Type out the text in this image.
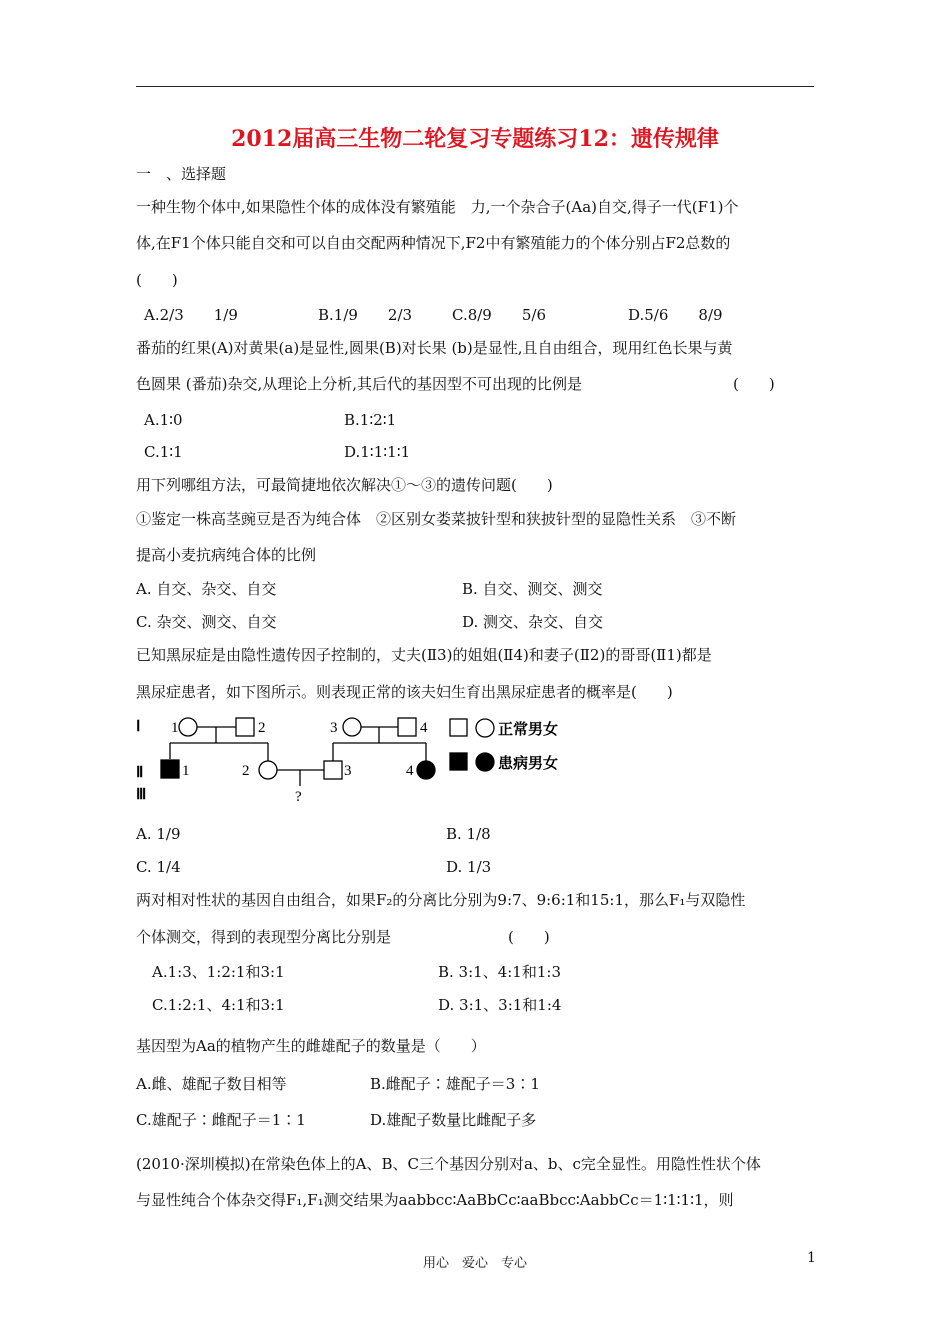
2012届高三生物二轮复习专题练习12：遗传规律
一　、选择题
一种生物个体中,如果隐性个体的成体没有繁殖能　力,一个杂合子(Aa)自交,得子一代(F1)个
体,在F1个体只能自交和可以自由交配两种情况下,F2中有繁殖能力的个体分别占F2总数的
(　　)
A.2/3　　1/9	B.1/9　　2/3	C.8/9　　5/6	D.5/6　　8/9
番茄的红果(A)对黄果(a)是显性,圆果(B)对长果 (b)是显性,且自由组合，现用红色长果与黄
色圆果 (番茄)杂交,从理论上分析,其后代的基因型不可出现的比例是	(　　)
A.1∶0	B.1∶2∶1
C.1∶1	D.1∶1∶1∶1
用下列哪组方法，可最简捷地依次解决①～③的遗传问题(　　)
①鉴定一株高茎豌豆是否为纯合体　②区别女娄菜披针型和狭披针型的显隐性关系　③不断
提高小麦抗病纯合体的比例
A. 自交、杂交、自交	B. 自交、测交、测交
C. 杂交、测交、自交	D. 测交、杂交、自交
已知黑尿症是由隐性遗传因子控制的，丈夫(Ⅱ3)的姐姐(Ⅱ4)和妻子(Ⅱ2)的哥哥(Ⅱ1)都是
黑尿症患者，如下图所示。则表现正常的该夫妇生育出黑尿症患者的概率是(　　)
Ⅰ
Ⅱ
Ⅲ
1	2	3	4
1	2	3	4
?
正常男女
患病男女
A. 1/9	B. 1/8
C. 1/4	D. 1/3
两对相对性状的基因自由组合，如果F₂的分离比分别为9:7、9:6:1和15:1，那么F₁与双隐性
个体测交，得到的表现型分离比分别是	(　　)
A.1:3、1:2:1和3:1	B. 3:1、4:1和1:3
C.1:2:1、4:1和3:1	D. 3:1、3:1和1:4
基因型为Aa的植物产生的雌雄配子的数量是（　　）
A.雌、雄配子数目相等	B.雌配子∶雄配子＝3∶1
C.雄配子∶雌配子＝1∶1	D.雄配子数量比雌配子多
(2010·深圳模拟)在常染色体上的A、B、C三个基因分别对a、b、c完全显性。用隐性性状个体
与显性纯合个体杂交得F₁,F₁测交结果为aabbcc∶AaBbCc∶aaBbcc∶AabbCc＝1∶1∶1∶1，则
用心　爱心　专心	1
